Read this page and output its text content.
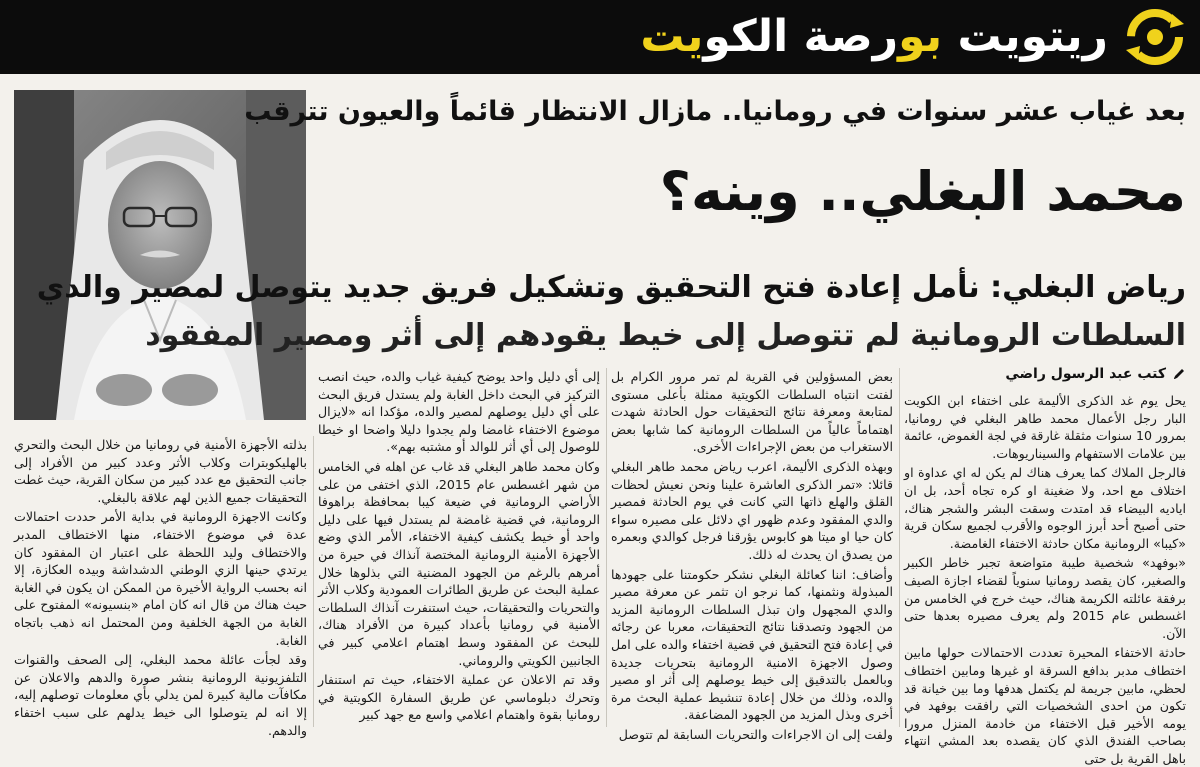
ريتويت بورصة الكويت
بعد غياب عشر سنوات في رومانيا.. مازال الانتظار قائماً والعيون تترقب
محمد البغلي.. وينه؟
رياض البغلي: نأمل إعادة فتح التحقيق وتشكيل فريق جديد يتوصل لمصير والدي
السلطات الرومانية لم تتوصل إلى خيط يقودهم إلى أثر ومصير المفقود
كتب عبد الرسول راضي

يحل يوم غد الذكرى الأليمة على اختفاء ابن الكويت البار رجل الأعمال محمد طاهر البغلي في رومانيا، بمرور 10 سنوات مثقلة غارقة في لجة الغموض، عائمة بين علامات الاستفهام والسيناريوهات.

فالرجل الملاك كما يعرف هناك لم يكن له اي عداوة او اختلاف مع احد، ولا ضغينة او كره تجاه أحد، بل ان اياديه البيضاء قد امتدت وسقت البشر والشجر هناك، حتى أصبح أحد أبرز الوجوه والأقرب لجميع سكان قرية «كيبا» الرومانية مكان حادثة الاختفاء الغامضة.

«بوفهد» شخصية طيبة متواضعة تجبر خاطر الكبير والصغير، كان يقصد رومانيا سنوياً لقضاء اجازة الصيف برفقة عائلته الكريمة هناك، حيث خرج في الخامس من اغسطس عام 2015 ولم يعرف مصيره بعدها حتى الآن.

حادثة الاختفاء المحيرة تعددت الاحتمالات حولها مابين اختطاف مدبر بدافع السرقة او غيرها ومابين اختطاف لحظي، مابين جريمة لم يكتمل هدفها وما بين خيانة قد تكون من احدى الشخصيات التي رافقت بوفهد في يومه الأخير قبل الاختفاء من خادمة المنزل مرورا بصاحب الفندق الذي كان يقصده بعد المشي انتهاء باهل القرية بل حتى

بعض المسؤولين في القرية لم تمر مرور الكرام بل لفتت انتباه السلطات الكويتية ممثلة بأعلى مستوى لمتابعة ومعرفة نتائج التحقيقات حول الحادثة شهدت اهتماماً عالياً من السلطات الرومانية كما شابها بعض الاستغراب من بعض الإجراءات الأخرى.

وبهذه الذكرى الأليمة، اعرب رياض محمد طاهر البغلي قائلا: «تمر الذكرى العاشرة علينا ونحن نعيش لحظات القلق والهلع ذاتها التي كانت في يوم الحادثة فمصير والدي المفقود وعدم ظهور اي دلائل على مصيره سواء كان حيا او ميتا هو كابوس يؤرقنا فرجل كوالدي وبعمره من يصدق ان يحدث له ذلك.

وأضاف: اننا كعائلة البغلي نشكر حكومتنا على جهودها المبذولة ونثمنها، كما نرجو ان تثمر عن معرفة مصير والدي المجهول وان تبذل السلطات الرومانية المزيد من الجهود وتصدقنا نتائج التحقيقات، معربا عن رجائه في إعادة فتح التحقيق في قضية اختفاء والده على امل وصول الاجهزة الامنية الرومانية بتحريات جديدة وبالعمل بالتدقيق إلى خيط يوصلهم إلى أثر او مصير والده، وذلك من خلال إعادة تنشيط عملية البحث مرة أخرى وبذل المزيد من الجهود المضاعفة.

ولفت إلى ان الاجراءات والتحريات السابقة لم تتوصل

إلى أي دليل واحد يوضح كيفية غياب والده، حيث انصب التركيز في البحث داخل الغابة ولم يستدل فريق البحث على أي دليل يوصلهم لمصير والده، مؤكدا انه «لايزال موضوع الاختفاء غامضا ولم يجدوا دليلا واضحا او خيطا للوصول إلى أي أثر للوالد أو مشتبه بهم».

وكان محمد طاهر البغلي قد غاب عن اهله في الخامس من شهر اغسطس عام 2015، الذي اختفى من على الأراضي الرومانية في ضيعة كيبا بمحافظة براهوفا الرومانية، في قضية غامضة لم يستدل فيها على دليل واحد أو خيط يكشف كيفية الاختفاء، الأمر الذي وضع الأجهزة الأمنية الرومانية المختصة آنذاك في حيرة من أمرهم بالرغم من الجهود المضنية التي بذلوها خلال عملية البحث عن طريق الطائرات العمودية وكلاب الأثر والتحريات والتحقيقات، حيث استنفرت آنذاك السلطات الأمنية في رومانيا بأعداد كبيرة من الأفراد هناك، للبحث عن المفقود وسط اهتمام اعلامي كبير في الجانبين الكويتي والروماني.

وقد تم الاعلان عن عملية الاختفاء، حيث تم استنفار وتحرك دبلوماسي عن طريق السفارة الكويتية في رومانيا بقوة واهتمام اعلامي واسع مع جهد كبير

بذلته الأجهزة الأمنية في رومانيا من خلال البحث والتحري بالهليكوبترات وكلاب الأثر وعدد كبير من الأفراد إلى جانب التحقيق مع عدد كبير من سكان القرية، حيث غطت التحقيقات جميع الذين لهم علاقة بالبغلي.

وكانت الاجهزة الرومانية في بداية الأمر حددت احتمالات عدة في موضوع الاختفاء، منها الاختطاف المدبر والاختطاف وليد اللحظة على اعتبار ان المفقود كان يرتدي حينها الزي الوطني الدشداشة وبيده العكازة، إلا انه بحسب الرواية الأخيرة من الممكن ان يكون في الغابة حيث هناك من قال انه كان امام «بنسيونه» المفتوح على الغابة من الجهة الخلفية ومن المحتمل انه ذهب باتجاه الغابة.

وقد لجأت عائلة محمد البغلي، إلى الصحف والقنوات التلفزيونية الرومانية بنشر صورة والدهم والاعلان عن مكافآت مالية كبيرة لمن يدلي بأي معلومات توصلهم إليه، إلا انه لم يتوصلوا الى خيط يدلهم على سبب اختفاء والدهم.
